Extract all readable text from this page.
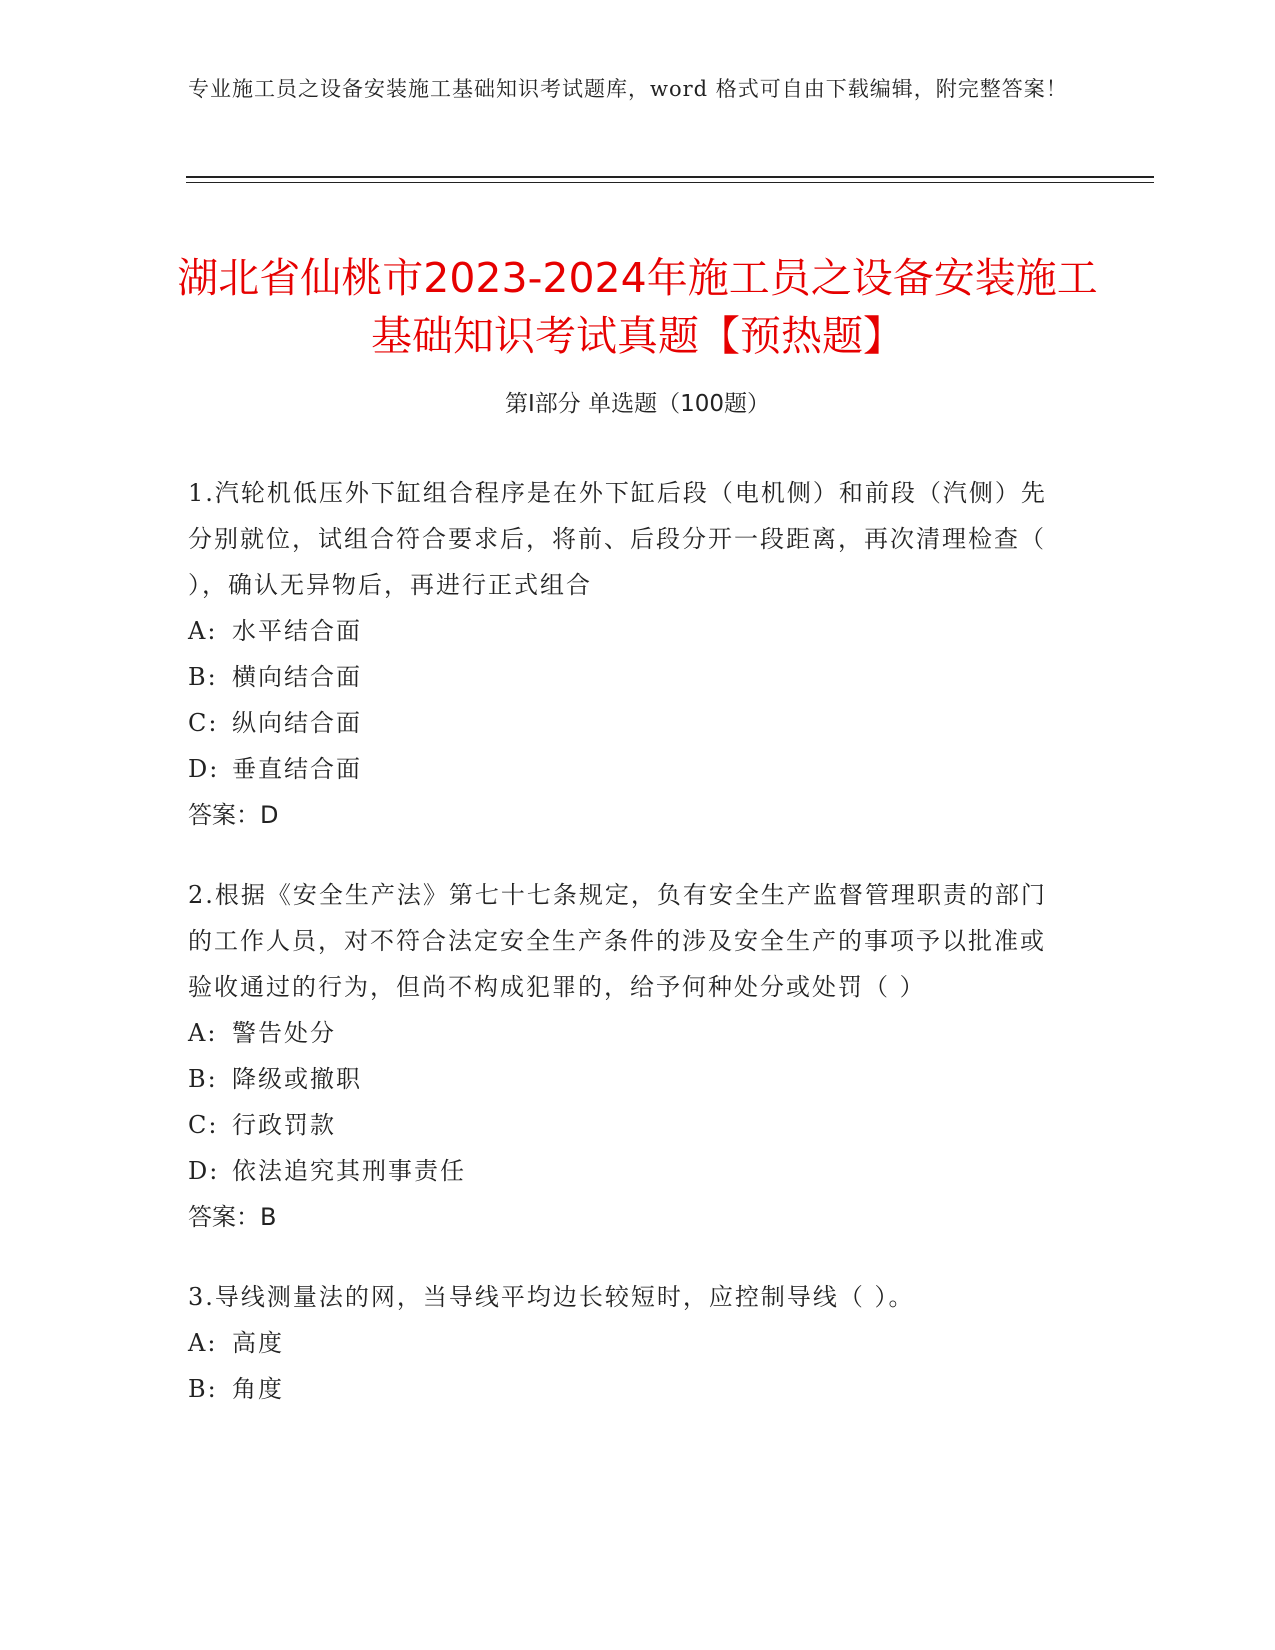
专业施工员之设备安装施工基础知识考试题库，word 格式可自由下载编辑，附完整答案！
湖北省仙桃市2023-2024年施工员之设备安装施工基础知识考试真题【预热题】
第Ⅰ部分 单选题（100题）

1.汽轮机低压外下缸组合程序是在外下缸后段（电机侧）和前段（汽侧）先分别就位，试组合符合要求后，将前、后段分开一段距离，再次清理检查（ ），确认无异物后，再进行正式组合

A: 水平结合面
B: 横向结合面
C: 纵向结合面
D: 垂直结合面
答案：D

2.根据《安全生产法》第七十七条规定，负有安全生产监督管理职责的部门的工作人员，对不符合法定安全生产条件的涉及安全生产的事项予以批准或验收通过的行为，但尚不构成犯罪的，给予何种处分或处罚（ ）

A: 警告处分
B: 降级或撤职
C: 行政罚款
D: 依法追究其刑事责任
答案：B

3.导线测量法的网，当导线平均边长较短时，应控制导线（ ）。

A: 高度
B: 角度
